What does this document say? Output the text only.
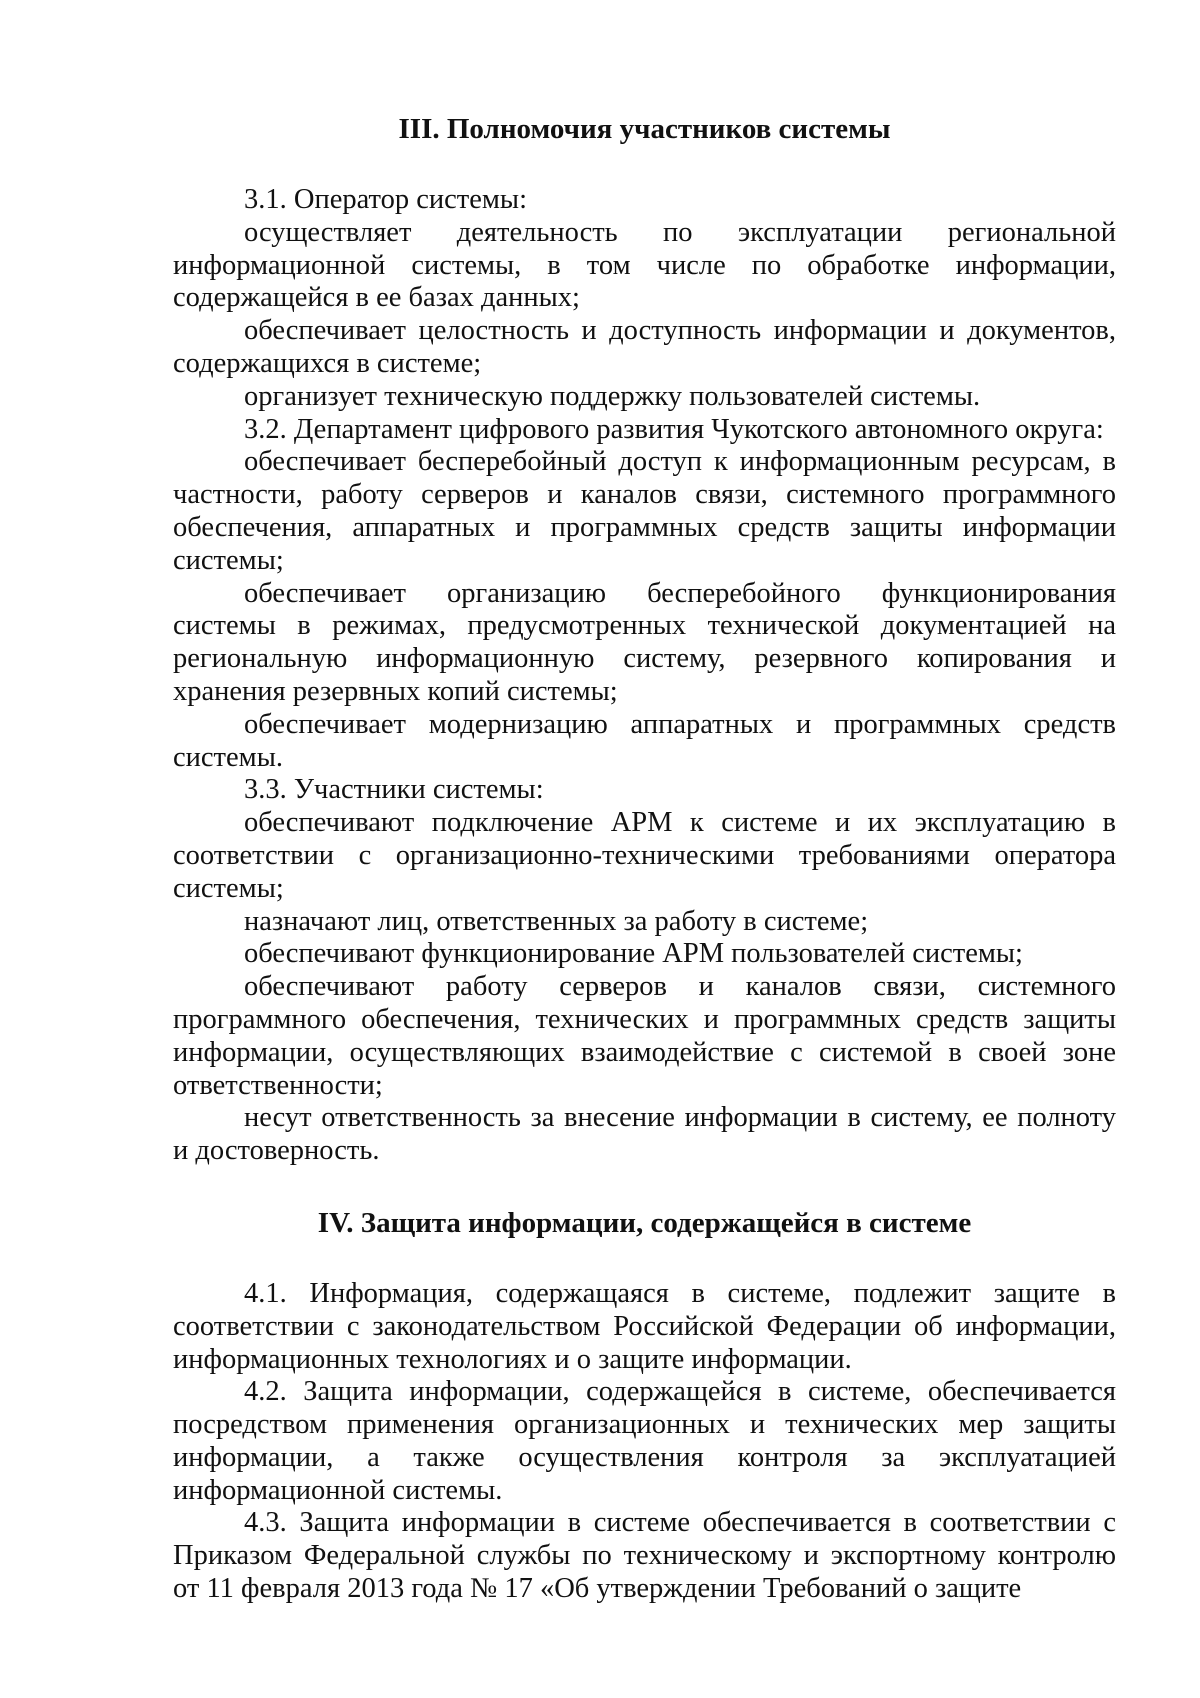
III. Полномочия участников системы

3.1. Оператор системы:

осуществляет деятельность по эксплуатации региональной информационной системы, в том числе по обработке информации, содержащейся в ее базах данных;

обеспечивает целостность и доступность информации и документов, содержащихся в системе;

организует техническую поддержку пользователей системы.

3.2. Департамент цифрового развития Чукотского автономного округа:

обеспечивает бесперебойный доступ к информационным ресурсам, в частности, работу серверов и каналов связи, системного программного обеспечения, аппаратных и программных средств защиты информации системы;

обеспечивает организацию бесперебойного функционирования системы в режимах, предусмотренных технической документацией на региональную информационную систему, резервного копирования и хранения резервных копий системы;

обеспечивает модернизацию аппаратных и программных средств системы.

3.3. Участники системы:

обеспечивают подключение АРМ к системе и их эксплуатацию в соответствии с организационно-техническими требованиями оператора системы;

назначают лиц, ответственных за работу в системе;

обеспечивают функционирование АРМ пользователей системы;

обеспечивают работу серверов и каналов связи, системного программного обеспечения, технических и программных средств защиты информации, осуществляющих взаимодействие с системой в своей зоне ответственности;

несут ответственность за внесение информации в систему, ее полноту и достоверность.

IV. Защита информации, содержащейся в системе

4.1. Информация, содержащаяся в системе, подлежит защите в соответствии с законодательством Российской Федерации об информации, информационных технологиях и о защите информации.

4.2. Защита информации, содержащейся в системе, обеспечивается посредством применения организационных и технических мер защиты информации, а также осуществления контроля за эксплуатацией информационной системы.

4.3. Защита информации в системе обеспечивается в соответствии с Приказом Федеральной службы по техническому и экспортному контролю от 11 февраля 2013 года № 17 «Об утверждении Требований о защите
